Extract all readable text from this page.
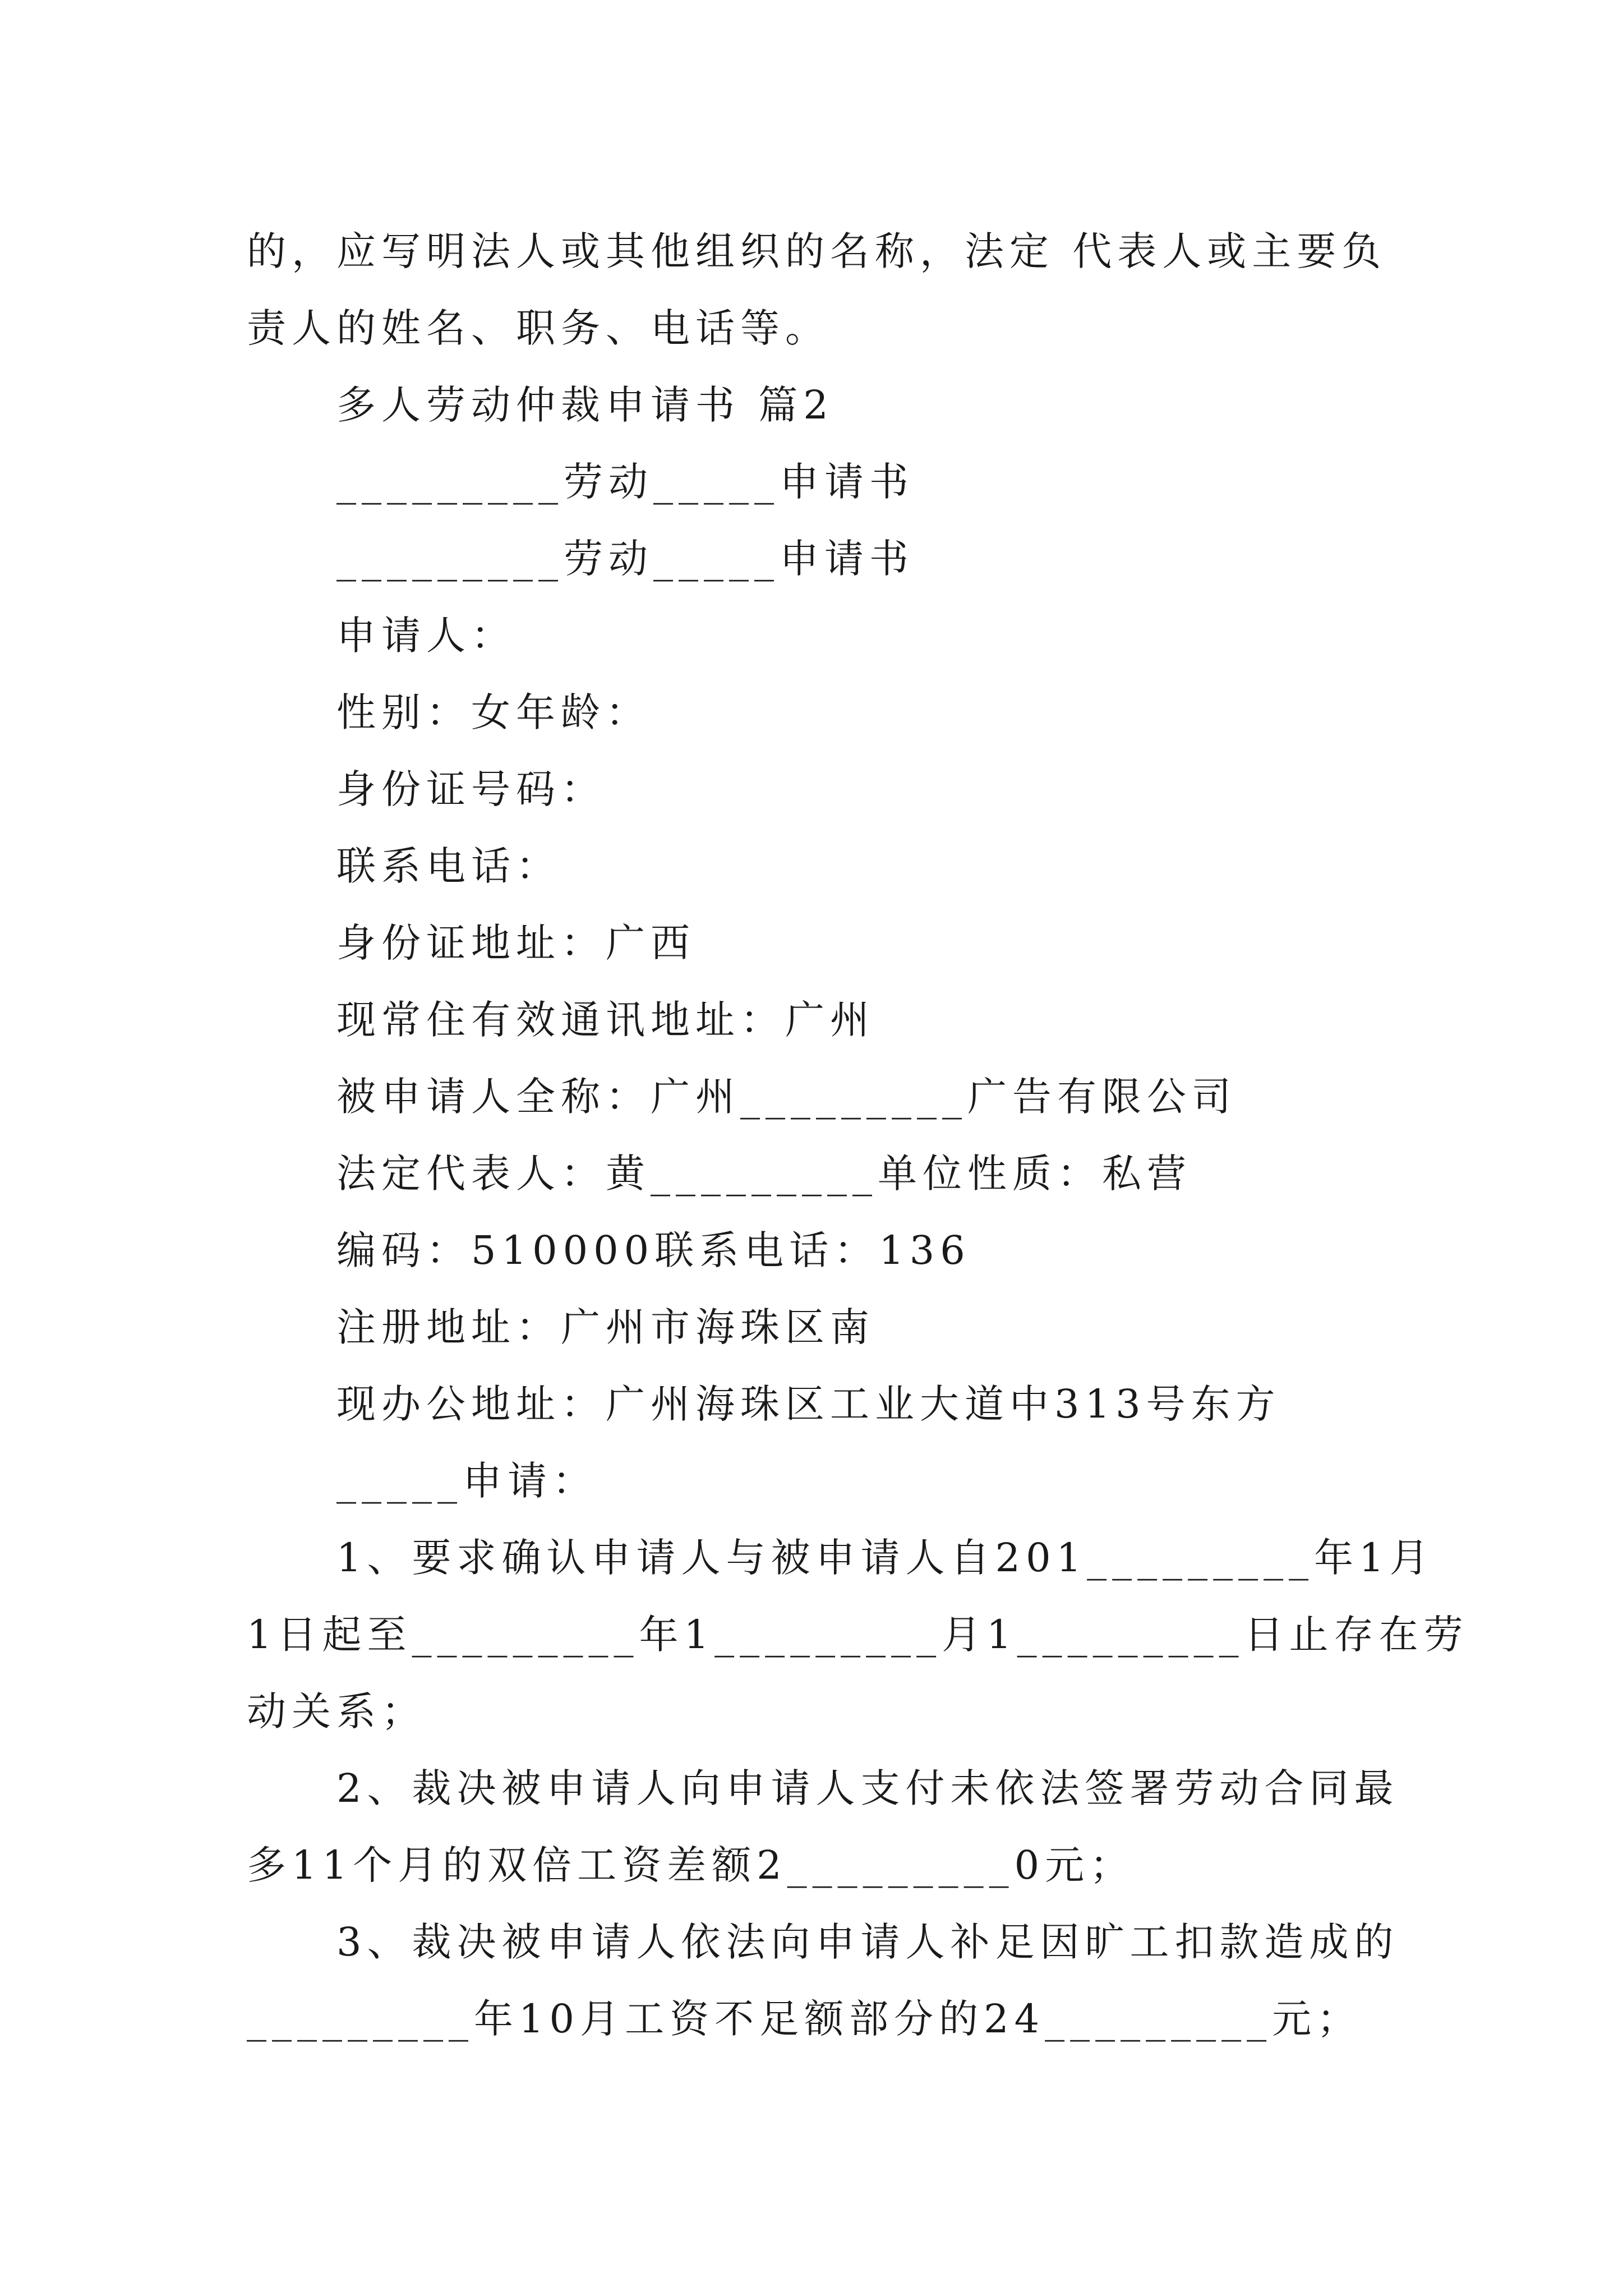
的，应写明法人或其他组织的名称，法定 代表人或主要负

责人的姓名、职务、电话等。

多人劳动仲裁申请书 篇2

_________劳动_____申请书

_________劳动_____申请书

申请人：

性别：女年龄：

身份证号码：

联系电话：

身份证地址：广西

现常住有效通讯地址：广州

被申请人全称：广州_________广告有限公司

法定代表人：黄_________单位性质：私营

编码：510000联系电话：136

注册地址：广州市海珠区南

现办公地址：广州海珠区工业大道中313号东方

_____申请：

1、要求确认申请人与被申请人自201_________年1月

1日起至_________年1_________月1_________日止存在劳

动关系；

2、裁决被申请人向申请人支付未依法签署劳动合同最

多11个月的双倍工资差额2_________0元；

3、裁决被申请人依法向申请人补足因旷工扣款造成的

_________年10月工资不足额部分的24_________元；
